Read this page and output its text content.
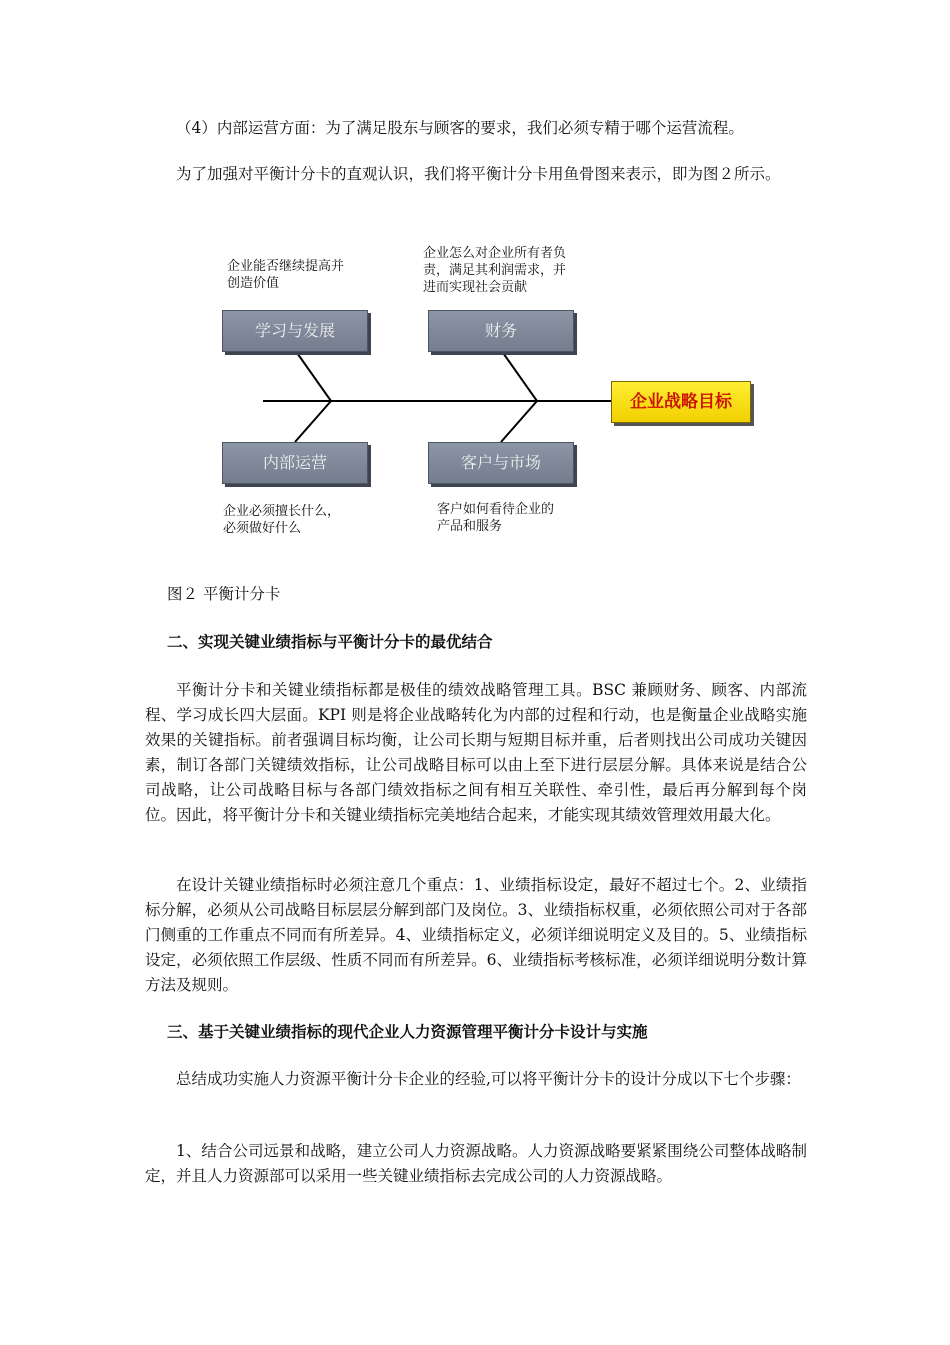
（4）内部运营方面：为了满足股东与顾客的要求，我们必须专精于哪个运营流程。

为了加强对平衡计分卡的直观认识，我们将平衡计分卡用鱼骨图来表示，即为图２所示。

企业能否继续提高并
创造价值
企业怎么对企业所有者负
责，满足其利润需求，并
进而实现社会贡献
学习与发展	财务
企业战略目标
内部运营	客户与市场
企业必须擅长什么，
必须做好什么
客户如何看待企业的
产品和服务

图２ 平衡计分卡

二、实现关键业绩指标与平衡计分卡的最优结合

平衡计分卡和关键业绩指标都是极佳的绩效战略管理工具。BSC 兼顾财务、顾客、内部流程、学习成长四大层面。KPI 则是将企业战略转化为内部的过程和行动，也是衡量企业战略实施效果的关键指标。前者强调目标均衡，让公司长期与短期目标并重，后者则找出公司成功关键因素，制订各部门关键绩效指标，让公司战略目标可以由上至下进行层层分解。具体来说是结合公司战略，让公司战略目标与各部门绩效指标之间有相互关联性、牵引性，最后再分解到每个岗位。因此，将平衡计分卡和关键业绩指标完美地结合起来，才能实现其绩效管理效用最大化。

在设计关键业绩指标时必须注意几个重点：1、业绩指标设定，最好不超过七个。2、业绩指标分解，必须从公司战略目标层层分解到部门及岗位。3、业绩指标权重，必须依照公司对于各部门侧重的工作重点不同而有所差异。4、业绩指标定义，必须详细说明定义及目的。5、业绩指标设定，必须依照工作层级、性质不同而有所差异。6、业绩指标考核标准，必须详细说明分数计算方法及规则。

三、基于关键业绩指标的现代企业人力资源管理平衡计分卡设计与实施

总结成功实施人力资源平衡计分卡企业的经验,可以将平衡计分卡的设计分成以下七个步骤：

1、结合公司远景和战略，建立公司人力资源战略。人力资源战略要紧紧围绕公司整体战略制定，并且人力资源部可以采用一些关键业绩指标去完成公司的人力资源战略。
